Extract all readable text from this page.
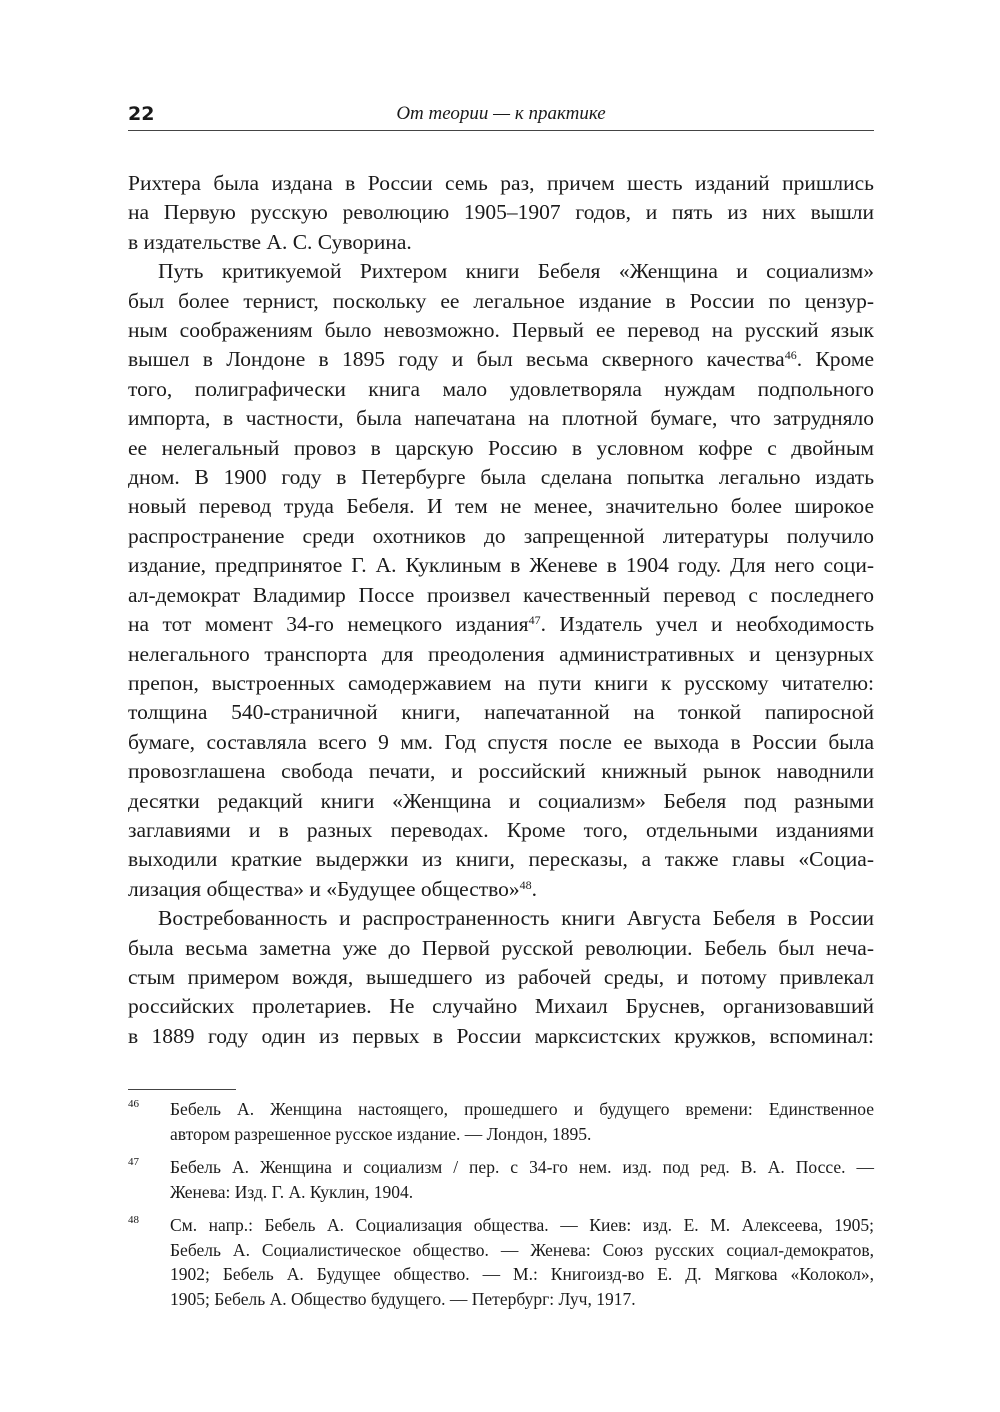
22	От теории — к практике

Рихтера была издана в России семь раз, причем шесть изданий пришлись
на Первую русскую революцию 1905–1907 годов, и пять из них вышли
в издательстве А. С. Суворина.

Путь критикуемой Рихтером книги Бебеля «Женщина и социализм»
был более тернист, поскольку ее легальное издание в России по цензур-
ным соображениям было невозможно. Первый ее перевод на русский язык
вышел в Лондоне в 1895 году и был весьма скверного качества$^{46}$. Кроме
того, полиграфически книга мало удовлетворяла нуждам подпольного
импорта, в частности, была напечатана на плотной бумаге, что затрудняло
ее нелегальный провоз в царскую Россию в условном кофре с двойным
дном. В 1900 году в Петербурге была сделана попытка легально издать
новый перевод труда Бебеля. И тем не менее, значительно более широкое
распространение среди охотников до запрещенной литературы получило
издание, предпринятое Г. А. Куклиным в Женеве в 1904 году. Для него соци-
ал-демократ Владимир Поссе произвел качественный перевод с последнего
на тот момент 34-го немецкого издания$^{47}$. Издатель учел и необходимость
нелегального транспорта для преодоления административных и цензурных
препон, выстроенных самодержавием на пути книги к русскому читателю:
толщина 540-страничной книги, напечатанной на тонкой папиросной
бумаге, составляла всего 9 мм. Год спустя после ее выхода в России была
провозглашена свобода печати, и российский книжный рынок наводнили
десятки редакций книги «Женщина и социализм» Бебеля под разными
заглавиями и в разных переводах. Кроме того, отдельными изданиями
выходили краткие выдержки из книги, пересказы, а также главы «Социа-
лизация общества» и «Будущее общество»$^{48}$.

Востребованность и распространенность книги Августа Бебеля в России
была весьма заметна уже до Первой русской революции. Бебель был нечa-
стым примером вождя, вышедшего из рабочей среды, и потому привлекал
российских пролетариев. Не случайно Михаил Бруснев, организовавший
в 1889 году один из первых в России марксистских кружков, вспоминал:

46 Бебель А. Женщина настоящего, прошедшего и будущего времени: Единственное
автором разрешенное русское издание. — Лондон, 1895.
47 Бебель А. Женщина и социализм / пер. с 34-го нем. изд. под ред. В. А. Поссе. —
Женева: Изд. Г. А. Куклин, 1904.
48 См. напр.: Бебель А. Социализация общества. — Киев: изд. Е. М. Алексеева, 1905;
Бебель А. Социалистическое общество. — Женева: Союз русских социал-демократов,
1902; Бебель А. Будущее общество. — М.: Книгоизд-во Е. Д. Мягкова «Колокол»,
1905; Бебель А. Общество будущего. — Петербург: Луч, 1917.
